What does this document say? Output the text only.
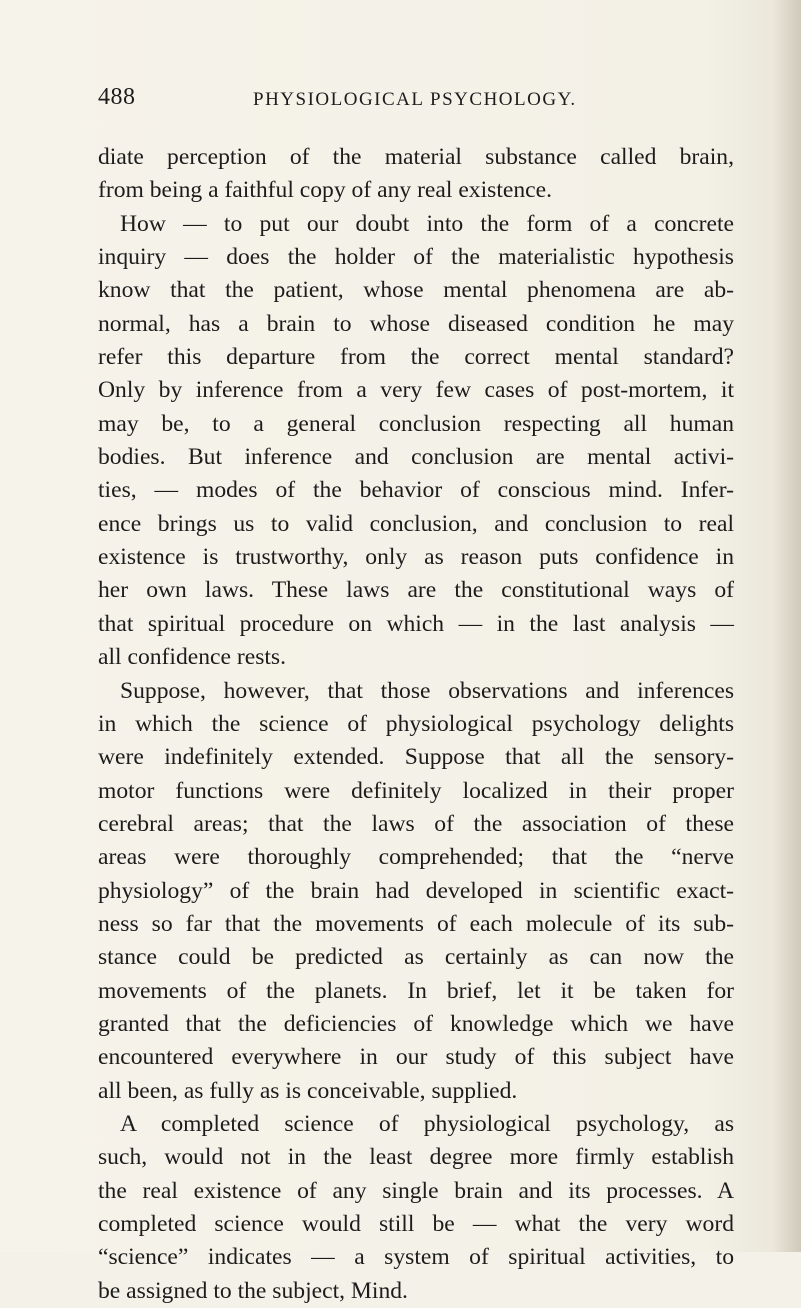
488	PHYSIOLOGICAL PSYCHOLOGY.
diate perception of the material substance called brain,
from being a faithful copy of any real existence.
How — to put our doubt into the form of a concrete
inquiry — does the holder of the materialistic hypothesis
know that the patient, whose mental phenomena are ab-
normal, has a brain to whose diseased condition he may
refer this departure from the correct mental standard?
Only by inference from a very few cases of post-mortem, it
may be, to a general conclusion respecting all human
bodies. But inference and conclusion are mental activi-
ties, — modes of the behavior of conscious mind. Infer-
ence brings us to valid conclusion, and conclusion to real
existence is trustworthy, only as reason puts confidence in
her own laws. These laws are the constitutional ways of
that spiritual procedure on which — in the last analysis —
all confidence rests.
Suppose, however, that those observations and inferences
in which the science of physiological psychology delights
were indefinitely extended. Suppose that all the sensory-
motor functions were definitely localized in their proper
cerebral areas; that the laws of the association of these
areas were thoroughly comprehended; that the “nerve
physiology” of the brain had developed in scientific exact-
ness so far that the movements of each molecule of its sub-
stance could be predicted as certainly as can now the
movements of the planets. In brief, let it be taken for
granted that the deficiencies of knowledge which we have
encountered everywhere in our study of this subject have
all been, as fully as is conceivable, supplied.
A completed science of physiological psychology, as
such, would not in the least degree more firmly establish
the real existence of any single brain and its processes. A
completed science would still be — what the very word
“science” indicates — a system of spiritual activities, to
be assigned to the subject, Mind.
